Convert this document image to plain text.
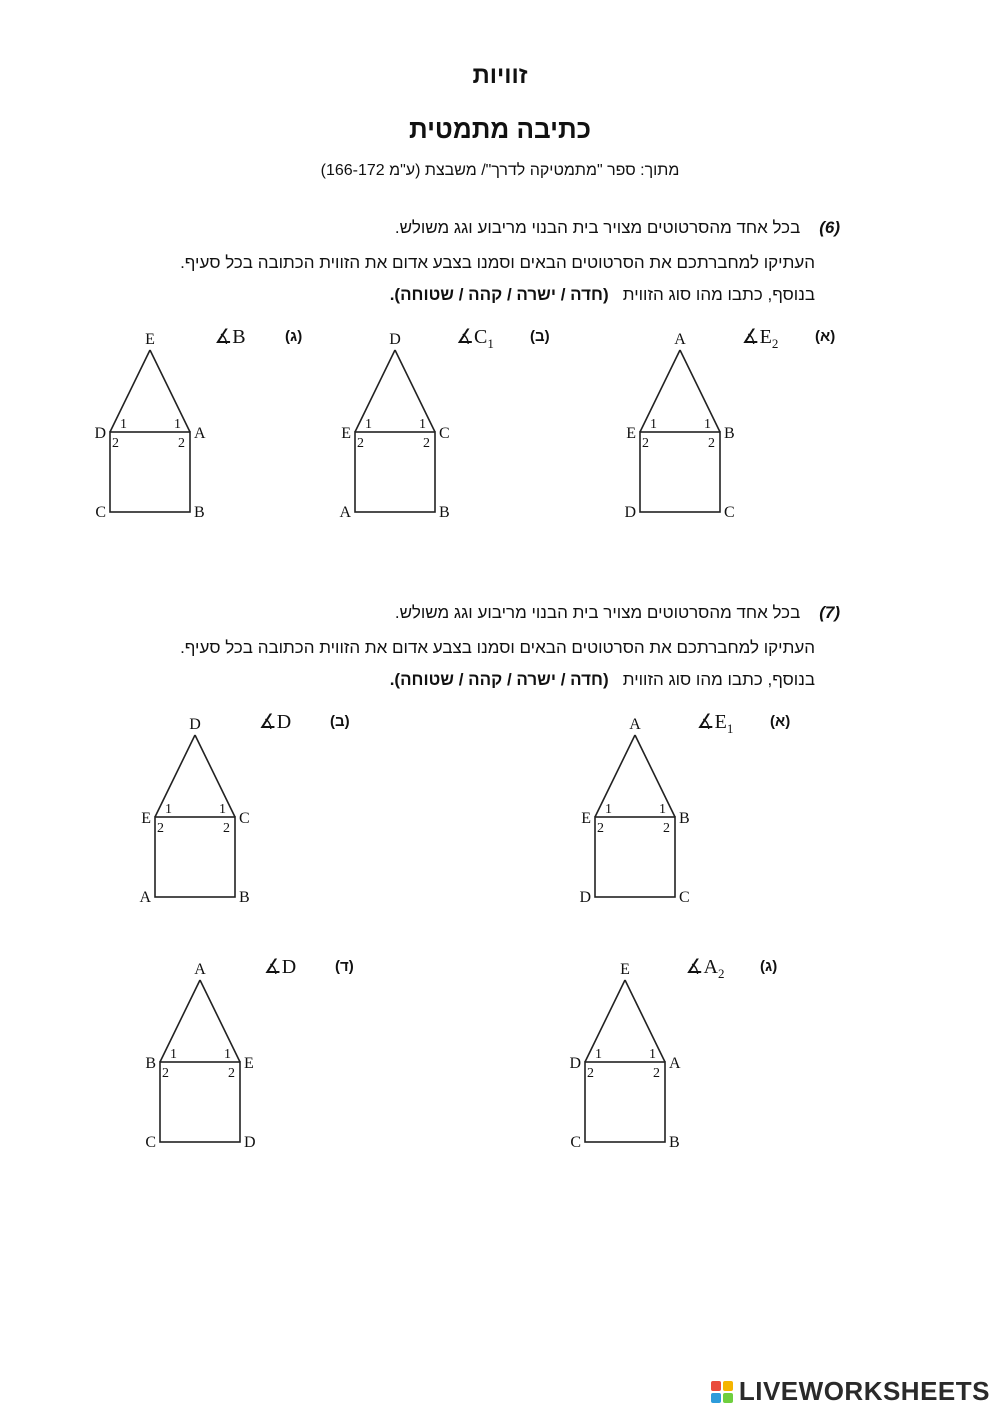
זוויות
כתיבה מתמטית
מתוך: ספר "מתמטיקה לדרך"/ משבצת (ע"מ 166-172)
(6)    בכל אחד מהסרטוטים מצויר בית הבנוי מריבוע וגג משולש.
העתיקו למחברתכם את הסרטוטים הבאים וסמנו בצבע אדום את הזווית הכתובה בכל סעיף.
בנוסף, כתבו מהו סוג הזווית   (חדה / ישרה / קהה / שטוחה).
(7)    בכל אחד מהסרטוטים מצויר בית הבנוי מריבוע וגג משולש.
העתיקו למחברתכם את הסרטוטים הבאים וסמנו בצבע אדום את הזווית הכתובה בכל סעיף.
בנוסף, כתבו מהו סוג הזווית   (חדה / ישרה / קהה / שטוחה).
A
E	B
D	C
1	1
2	2
(א)
$∡E_2$
D
E	C
A	B
1	1
2	2
(ב)
$∡C_1$
E
D	A
C	B
1	1
2	2
(ג)
∡B
A
E	B
D	C
1	1
2	2
(א)
$∡E_1$
D
E	C
A	B
1	1
2	2
(ב)
∡D
E
D	A
C	B
1	1
2	2
(ג)
$∡A_2$
A
B	E
C	D
1	1
2	2
(ד)
∡D
LIVEWORKSHEETS
